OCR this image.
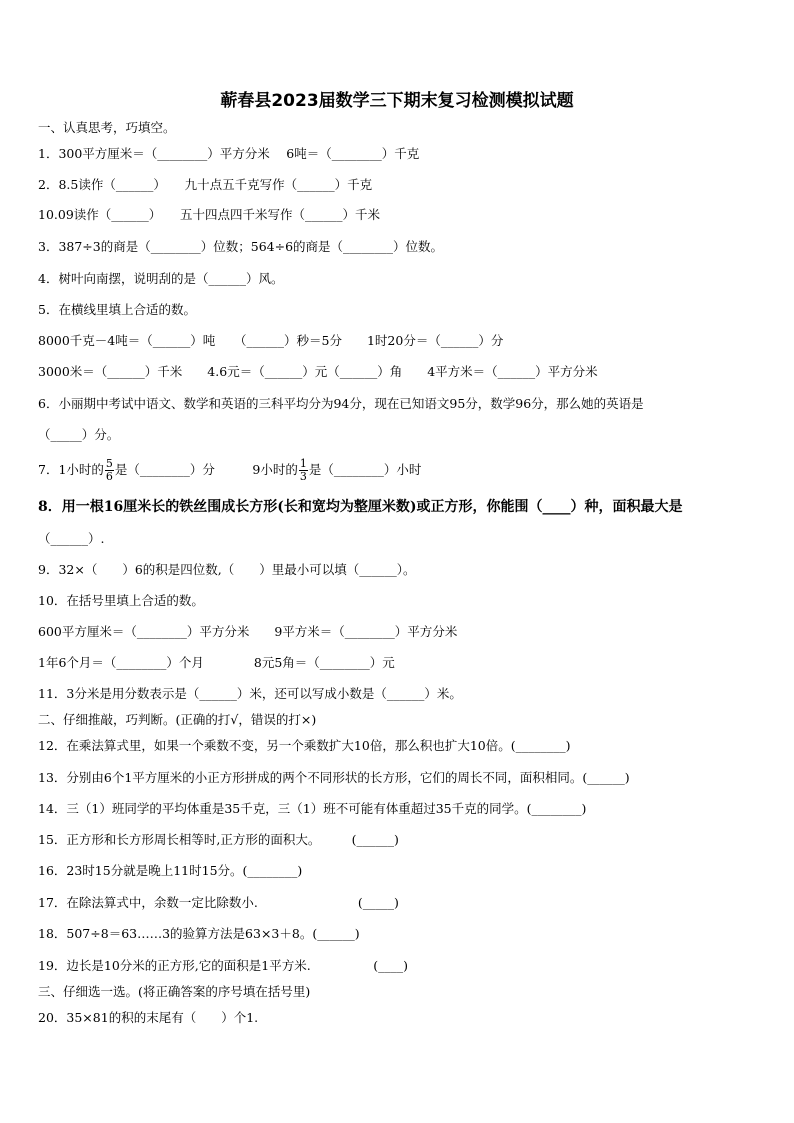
蕲春县2023届数学三下期末复习检测模拟试题
一、认真思考，巧填空。
1．300平方厘米＝（________）平方分米　 6吨＝（________）千克
2．8.5读作（______）　　九十点五千克写作（______）千克
10.09读作（______）　　五十四点四千米写作（______）千米
3．387÷3的商是（________）位数；564÷6的商是（________）位数。
4．树叶向南摆，说明刮的是（______）风。
5．在横线里填上合适的数。
8000千克－4吨＝（______）吨　　（______）秒＝5分　　1时20分＝（______）分
3000米＝（______）千米　　4.6元＝（______）元（______）角　　4平方米＝（______）平方分米
6．小丽期中考试中语文、数学和英语的三科平均分为94分，现在已知语文95分，数学96分，那么她的英语是
（_____）分。
7．1小时的 $\frac{5}{6}$ 是（________）分　　　9小时的 $\frac{1}{3}$ 是（________）小时
8．用一根16厘米长的铁丝围成长方形(长和宽均为整厘米数)或正方形，你能围（____）种，面积最大是
（______）.
9．32×（　　）6的积是四位数,（　　）里最小可以填（______）。
10．在括号里填上合适的数。
600平方厘米＝（________）平方分米　　9平方米＝（________）平方分米
1年6个月＝（________）个月　　　　8元5角＝（________）元
11．3分米是用分数表示是（______）米，还可以写成小数是（______）米。
二、仔细推敲，巧判断。(正确的打√，错误的打×)
12．在乘法算式里，如果一个乘数不变，另一个乘数扩大10倍，那么积也扩大10倍。(________)
13．分别由6个1平方厘米的小正方形拼成的两个不同形状的长方形，它们的周长不同，面积相同。(______)
14．三（1）班同学的平均体重是35千克，三（1）班不可能有体重超过35千克的同学。(________)
15．正方形和长方形周长相等时,正方形的面积大。　　　(______)
16．23时15分就是晚上11时15分。(________)
17．在除法算式中，余数一定比除数小.　　　　　　　　(_____)
18．507÷8＝63……3的验算方法是63×3＋8。(______)
19．边长是10分米的正方形,它的面积是1平方米.　　　　　(____)
三、仔细选一选。(将正确答案的序号填在括号里)
20．35×81的积的末尾有（　　）个1.
